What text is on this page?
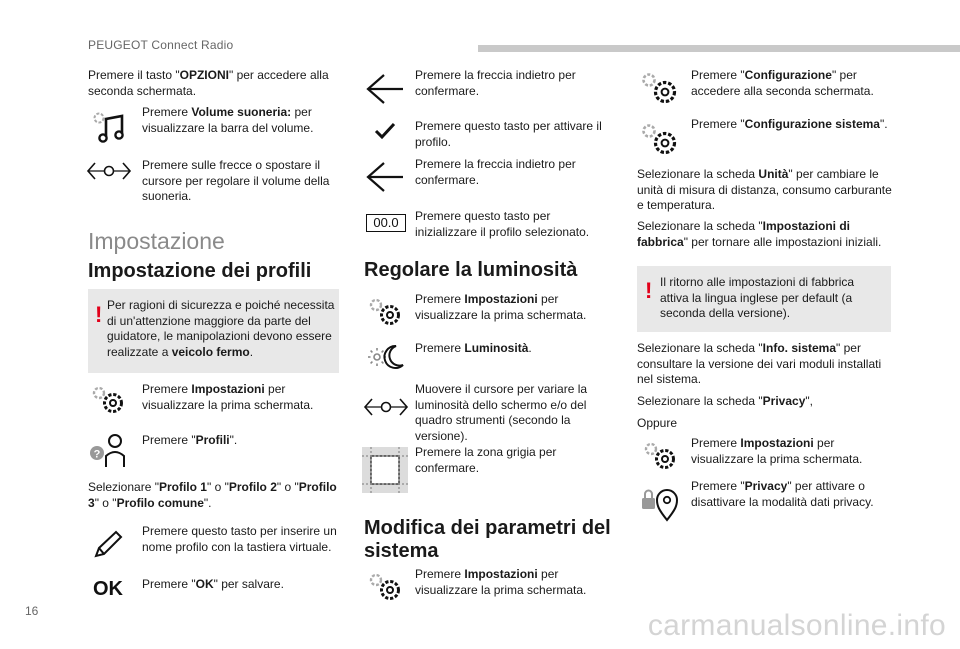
PEUGEOT Connect Radio
Premere il tasto "OPZIONI" per accedere alla seconda schermata.
Premere Volume suoneria: per visualizzare la barra del volume.
Premere sulle frecce o spostare il cursore per regolare il volume della suoneria.
Impostazione
Impostazione dei profili
! Per ragioni di sicurezza e poiché necessita di un'attenzione maggiore da parte del guidatore, le manipolazioni devono essere realizzate a veicolo fermo.
Premere Impostazioni per visualizzare la prima schermata.
?
Premere "Profili".
Selezionare "Profilo 1" o "Profilo 2" o "Profilo 3" o "Profilo comune".
Premere questo tasto per inserire un nome profilo con la tastiera virtuale.
OK Premere "OK" per salvare.
Premere la freccia indietro per confermare.
Premere questo tasto per attivare il profilo.
Premere la freccia indietro per confermare.
00.0	Premere questo tasto per inizializzare il profilo selezionato.
Regolare la luminosità
Premere Impostazioni per visualizzare la prima schermata.
Premere Luminosità.
Muovere il cursore per variare la luminosità dello schermo e/o del quadro strumenti (secondo la versione).
Premere la zona grigia per confermare.
Modifica dei parametri del sistema
Premere Impostazioni per visualizzare la prima schermata.
Premere "Configurazione" per accedere alla seconda schermata.
Premere "Configurazione sistema".
Selezionare la scheda Unità" per cambiare le unità di misura di distanza, consumo carburante e temperatura.
Selezionare la scheda "Impostazioni di fabbrica" per tornare alle impostazioni iniziali.
! Il ritorno alle impostazioni di fabbrica attiva la lingua inglese per default (a seconda della versione).
Selezionare la scheda "Info. sistema" per consultare la versione dei vari moduli installati nel sistema.
Selezionare la scheda "Privacy",
Oppure
Premere Impostazioni per visualizzare la prima schermata.
Premere "Privacy" per attivare o disattivare la modalità dati privacy.
16	carmanualsonline.info
